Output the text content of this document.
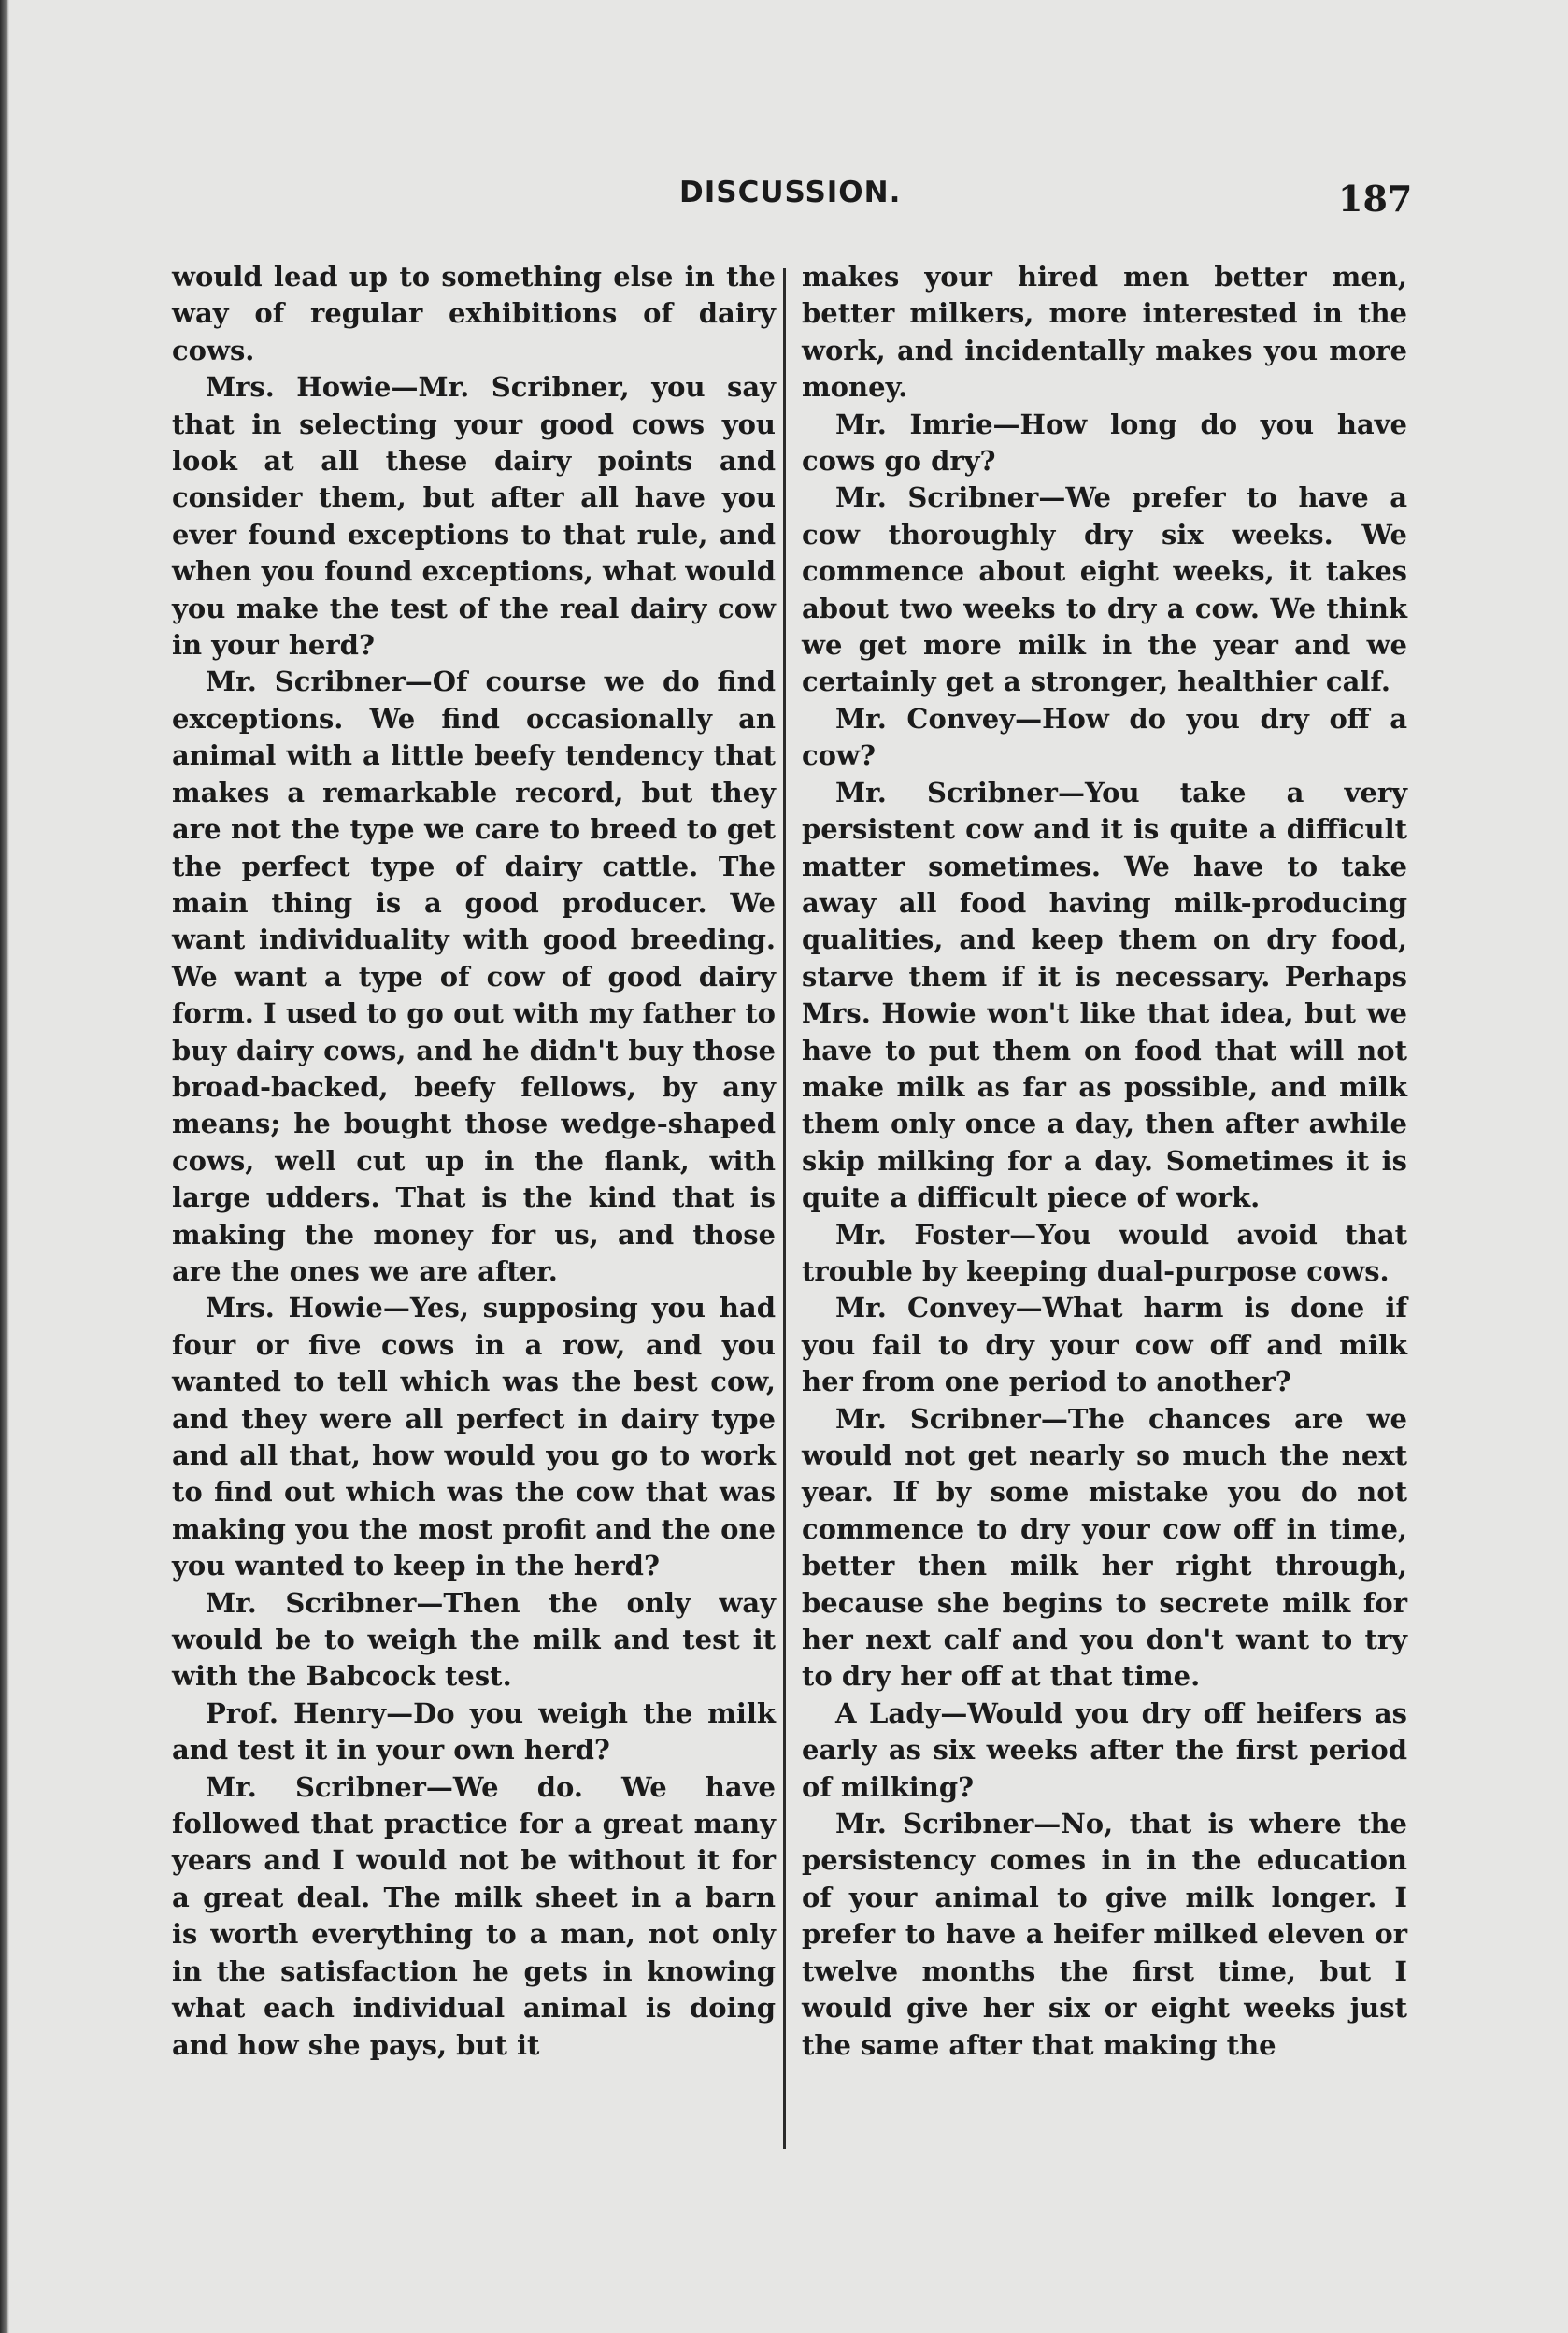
DISCUSSION.	187

would lead up to something else in the way of regular exhibitions of dairy cows.

Mrs. Howie—Mr. Scribner, you say that in selecting your good cows you look at all these dairy points and consider them, but after all have you ever found exceptions to that rule, and when you found exceptions, what would you make the test of the real dairy cow in your herd?

Mr. Scribner—Of course we do find exceptions. We find occasionally an animal with a little beefy tendency that makes a remarkable record, but they are not the type we care to breed to get the perfect type of dairy cattle. The main thing is a good producer. We want individuality with good breeding. We want a type of cow of good dairy form. I used to go out with my father to buy dairy cows, and he didn't buy those broad-backed, beefy fellows, by any means; he bought those wedge-shaped cows, well cut up in the flank, with large udders. That is the kind that is making the money for us, and those are the ones we are after.

Mrs. Howie—Yes, supposing you had four or five cows in a row, and you wanted to tell which was the best cow, and they were all perfect in dairy type and all that, how would you go to work to find out which was the cow that was making you the most profit and the one you wanted to keep in the herd?

Mr. Scribner—Then the only way would be to weigh the milk and test it with the Babcock test.

Prof. Henry—Do you weigh the milk and test it in your own herd?

Mr. Scribner—We do. We have followed that practice for a great many years and I would not be without it for a great deal. The milk sheet in a barn is worth everything to a man, not only in the satisfaction he gets in knowing what each individual animal is doing and how she pays, but it

makes your hired men better men, better milkers, more interested in the work, and incidentally makes you more money.

Mr. Imrie—How long do you have cows go dry?

Mr. Scribner—We prefer to have a cow thoroughly dry six weeks. We commence about eight weeks, it takes about two weeks to dry a cow. We think we get more milk in the year and we certainly get a stronger, healthier calf.

Mr. Convey—How do you dry off a cow?

Mr. Scribner—You take a very persistent cow and it is quite a difficult matter sometimes. We have to take away all food having milk-producing qualities, and keep them on dry food, starve them if it is necessary. Perhaps Mrs. Howie won't like that idea, but we have to put them on food that will not make milk as far as possible, and milk them only once a day, then after awhile skip milking for a day. Sometimes it is quite a difficult piece of work.

Mr. Foster—You would avoid that trouble by keeping dual-purpose cows.

Mr. Convey—What harm is done if you fail to dry your cow off and milk her from one period to another?

Mr. Scribner—The chances are we would not get nearly so much the next year. If by some mistake you do not commence to dry your cow off in time, better then milk her right through, because she begins to secrete milk for her next calf and you don't want to try to dry her off at that time.

A Lady—Would you dry off heifers as early as six weeks after the first period of milking?

Mr. Scribner—No, that is where the persistency comes in in the education of your animal to give milk longer. I prefer to have a heifer milked eleven or twelve months the first time, but I would give her six or eight weeks just the same after that making the
